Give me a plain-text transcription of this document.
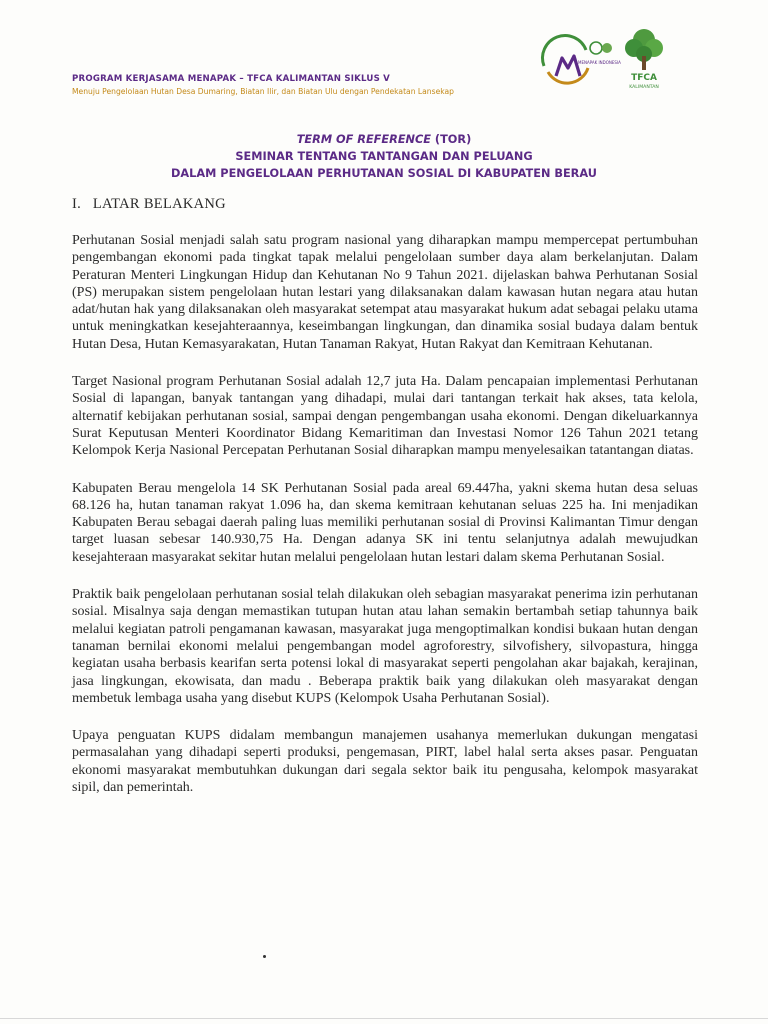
PROGRAM KERJASAMA MENAPAK – TFCA KALIMANTAN SIKLUS V
Menuju Pengelolaan Hutan Desa Dumaring, Biatan Ilir, dan Biatan Ulu dengan Pendekatan Lansekap
MENAPAK INDONESIA
TFCA
KALIMANTAN
TERM OF REFERENCE (TOR)
SEMINAR TENTANG TANTANGAN DAN PELUANG
DALAM PENGELOLAAN PERHUTANAN SOSIAL DI KABUPATEN BERAU
I.   LATAR BELAKANG

Perhutanan Sosial menjadi salah satu program nasional yang diharapkan mampu mempercepat pertumbuhan pengembangan ekonomi pada tingkat tapak melalui pengelolaan sumber daya alam berkelanjutan. Dalam Peraturan Menteri Lingkungan Hidup dan Kehutanan No 9 Tahun 2021. dijelaskan bahwa Perhutanan Sosial (PS) merupakan sistem pengelolaan hutan lestari yang dilaksanakan dalam kawasan hutan negara atau hutan adat/hutan hak yang dilaksanakan oleh masyarakat setempat atau masyarakat hukum adat sebagai pelaku utama untuk meningkatkan kesejahteraannya, keseimbangan lingkungan, dan dinamika sosial budaya dalam bentuk Hutan Desa, Hutan Kemasyarakatan, Hutan Tanaman Rakyat, Hutan Rakyat dan Kemitraan Kehutanan.

Target Nasional program Perhutanan Sosial adalah 12,7 juta Ha. Dalam pencapaian implementasi Perhutanan Sosial di lapangan, banyak tantangan yang dihadapi, mulai dari tantangan terkait hak akses, tata kelola, alternatif kebijakan perhutanan sosial, sampai dengan pengembangan usaha ekonomi. Dengan dikeluarkannya Surat Keputusan Menteri Koordinator Bidang Kemaritiman dan Investasi Nomor 126 Tahun 2021 tetang Kelompok Kerja Nasional Percepatan Perhutanan Sosial diharapkan mampu menyelesaikan tatantangan diatas.

Kabupaten Berau mengelola 14 SK Perhutanan Sosial pada areal 69.447ha, yakni skema hutan desa seluas 68.126 ha, hutan tanaman rakyat 1.096 ha, dan skema kemitraan kehutanan seluas 225 ha. Ini menjadikan Kabupaten Berau sebagai daerah paling luas memiliki perhutanan sosial di Provinsi Kalimantan Timur dengan target luasan sebesar 140.930,75 Ha. Dengan adanya SK ini tentu selanjutnya adalah mewujudkan kesejahteraan masyarakat sekitar hutan melalui pengelolaan hutan lestari dalam skema Perhutanan Sosial.

Praktik baik pengelolaan perhutanan sosial telah dilakukan oleh sebagian masyarakat penerima izin perhutanan sosial. Misalnya saja dengan memastikan tutupan hutan atau lahan semakin bertambah setiap tahunnya baik melalui kegiatan patroli pengamanan kawasan, masyarakat juga mengoptimalkan kondisi bukaan hutan dengan tanaman bernilai ekonomi melalui pengembangan model agroforestry, silvofishery, silvopastura, hingga kegiatan usaha berbasis kearifan serta potensi lokal di masyarakat seperti pengolahan akar bajakah, kerajinan, jasa lingkungan, ekowisata, dan madu . Beberapa praktik baik yang dilakukan oleh masyarakat dengan membetuk lembaga usaha yang disebut KUPS (Kelompok Usaha Perhutanan Sosial).

Upaya penguatan KUPS didalam membangun manajemen usahanya memerlukan dukungan mengatasi permasalahan yang dihadapi seperti produksi, pengemasan, PIRT, label halal serta akses pasar. Penguatan ekonomi masyarakat membutuhkan dukungan dari segala sektor baik itu pengusaha, kelompok masyarakat sipil, dan pemerintah.
